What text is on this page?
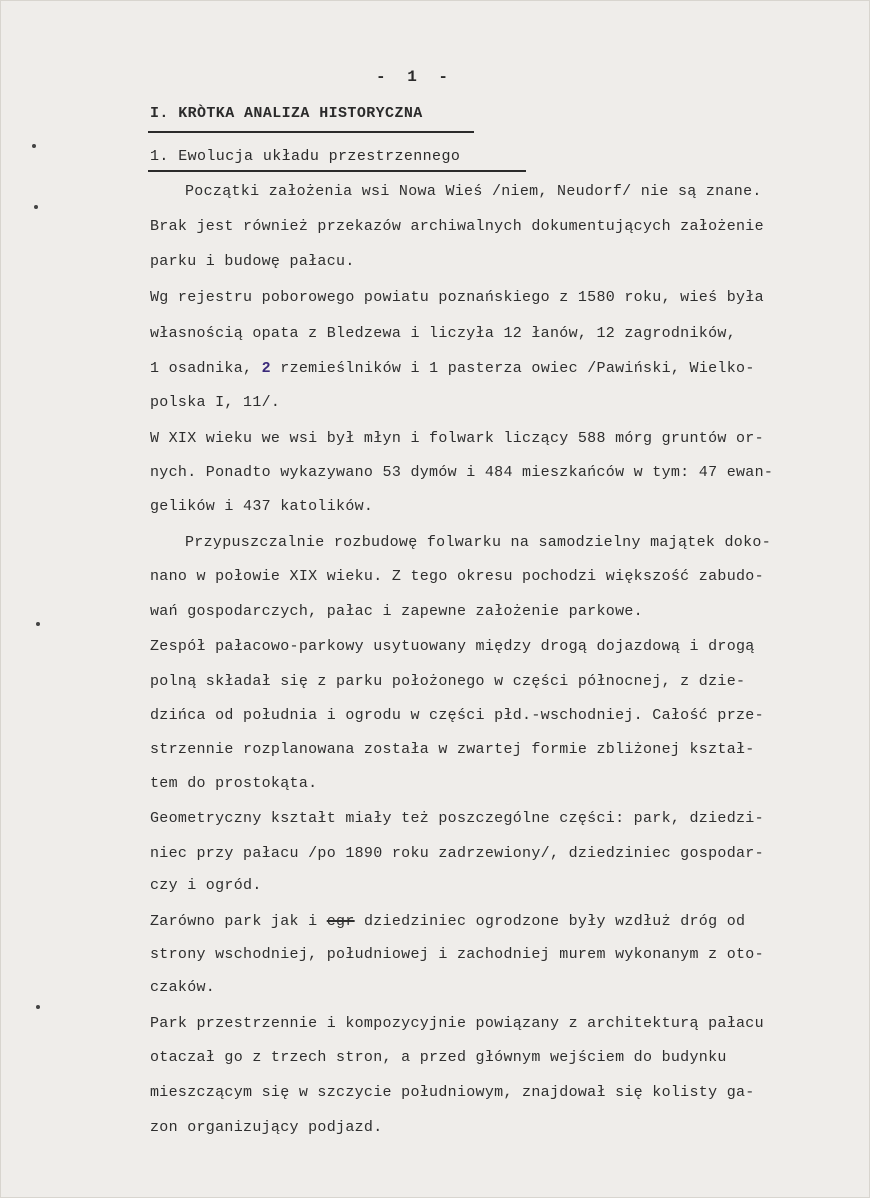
- 1 -
I. KRÒTKA ANALIZA HISTORYCZNA
1. Ewolucja układu przestrzennego
Początki założenia wsi Nowa Wieś /niem, Neudorf/ nie są znane.
Brak jest również przekazów archiwalnych dokumentujących założenie
parku i budowę pałacu.
Wg rejestru poborowego powiatu poznańskiego z 1580 roku, wieś była
własnością opata z Bledzewa i liczyła 12 łanów, 12 zagrodników,
1 osadnika, 2 rzemieślników i 1 pasterza owiec /Pawiński, Wielko-
polska I, 11/.
W XIX wieku we wsi był młyn i folwark liczący 588 mórg gruntów or-
nych. Ponadto wykazywano 53 dymów i 484 mieszkańców w tym: 47 ewan-
gelików i 437 katolików.
Przypuszczalnie rozbudowę folwarku na samodzielny majątek doko-
nano w połowie XIX wieku. Z tego okresu pochodzi większość zabudo-
wań gospodarczych, pałac i zapewne założenie parkowe.
Zespół pałacowo-parkowy usytuowany między drogą dojazdową i drogą
polną składał się z parku położonego w części północnej, z dzie-
dzińca od południa i ogrodu w części płd.-wschodniej. Całość prze-
strzennie rozplanowana została w zwartej formie zbliżonej kształ-
tem do prostokąta.
Geometryczny kształt miały też poszczególne części: park, dziedzi-
niec przy pałacu /po 1890 roku zadrzewiony/, dziedziniec gospodar-
czy i ogród.
Zarówno park jak i egr dziedziniec ogrodzone były wzdłuż dróg od
strony wschodniej, południowej i zachodniej murem wykonanym z oto-
czaków.
Park przestrzennie i kompozycyjnie powiązany z architekturą pałacu
otaczał go z trzech stron, a przed głównym wejściem do budynku
mieszczącym się w szczycie południowym, znajdował się kolisty ga-
zon organizujący podjazd.
